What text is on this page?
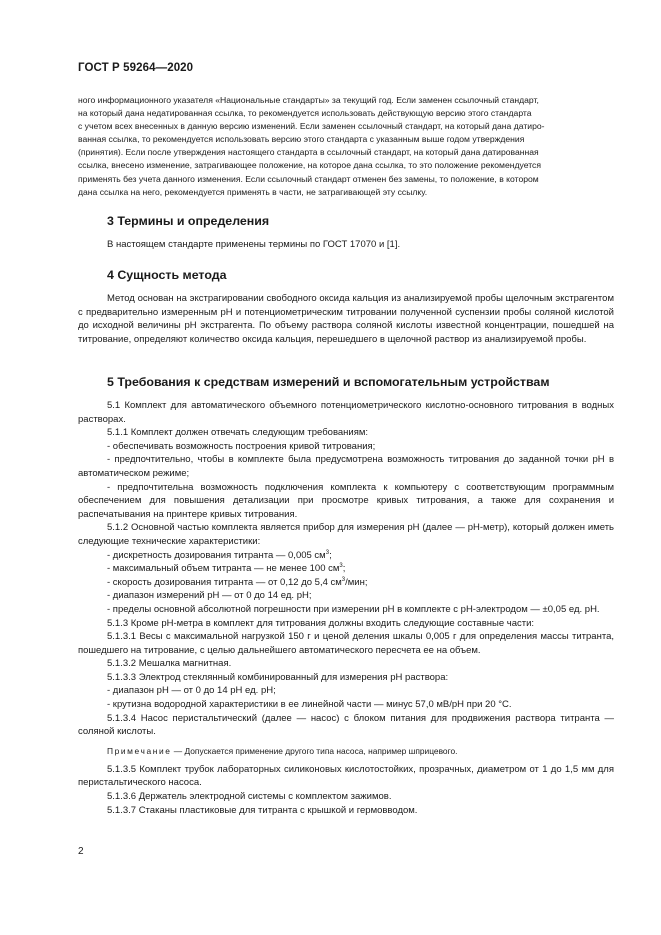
ГОСТ Р 59264—2020

ного информационного указателя «Национальные стандарты» за текущий год. Если заменен ссылочный стандарт,
на который дана недатированная ссылка, то рекомендуется использовать действующую версию этого стандарта
с учетом всех внесенных в данную версию изменений. Если заменен ссылочный стандарт, на который дана датиро-
ванная ссылка, то рекомендуется использовать версию этого стандарта с указанным выше годом утверждения
(принятия). Если после утверждения настоящего стандарта в ссылочный стандарт, на который дана датированная
ссылка, внесено изменение, затрагивающее положение, на которое дана ссылка, то это положение рекомендуется
применять без учета данного изменения. Если ссылочный стандарт отменен без замены, то положение, в котором
дана ссылка на него, рекомендуется применять в части, не затрагивающей эту ссылку.

3 Термины и определения

В настоящем стандарте применены термины по ГОСТ 17070 и [1].

4 Сущность метода

Метод основан на экстрагировании свободного оксида кальция из анализируемой пробы щелочным экстрагентом с предварительно измеренным pH и потенциометрическим титровании полученной суспензии пробы соляной кислотой до исходной величины pH экстрагента. По объему раствора соляной кислоты известной концентрации, пошедшей на титрование, определяют количество оксида кальция, перешедшего в щелочной раствор из анализируемой пробы.

5 Требования к средствам измерений и вспомогательным устройствам

5.1 Комплект для автоматического объемного потенциометрического кислотно-основного титрования в водных растворах.

5.1.1 Комплект должен отвечать следующим требованиям:

- обеспечивать возможность построения кривой титрования;

- предпочтительно, чтобы в комплекте была предусмотрена возможность титрования до заданной точки pH в автоматическом режиме;

- предпочтительна возможность подключения комплекта к компьютеру с соответствующим программным обеспечением для повышения детализации при просмотре кривых титрования, а также для сохранения и распечатывания на принтере кривых титрования.

5.1.2 Основной частью комплекта является прибор для измерения pH (далее — pH-метр), который должен иметь следующие технические характеристики:

- дискретность дозирования титранта — 0,005 $см^3$;

- максимальный объем титранта — не менее 100 $см^3$;

- скорость дозирования титранта — от 0,12 до 5,4 $см^3$/мин;

- диапазон измерений pH — от 0 до 14 ед. pH;

- пределы основной абсолютной погрешности при измерении pH в комплекте с pH-электродом — ±0,05 ед. pH.

5.1.3 Кроме pH-метра в комплект для титрования должны входить следующие составные части:

5.1.3.1 Весы с максимальной нагрузкой 150 г и ценой деления шкалы 0,005 г для определения массы титранта, пошедшего на титрование, с целью дальнейшего автоматического пересчета ее на объем.

5.1.3.2 Мешалка магнитная.

5.1.3.3 Электрод стеклянный комбинированный для измерения pH раствора:

- диапазон pH — от 0 до 14 pH ед. pH;

- крутизна водородной характеристики в ее линейной части — минус 57,0 мВ/pH при 20 °С.

5.1.3.4 Насос перистальтический (далее — насос) с блоком питания для продвижения раствора титранта — соляной кислоты.

Примечание — Допускается применение другого типа насоса, например шприцевого.

5.1.3.5 Комплект трубок лабораторных силиконовых кислотостойких, прозрачных, диаметром от 1 до 1,5 мм для перистальтического насоса.

5.1.3.6 Держатель электродной системы с комплектом зажимов.

5.1.3.7 Стаканы пластиковые для титранта с крышкой и гермовводом.

2
